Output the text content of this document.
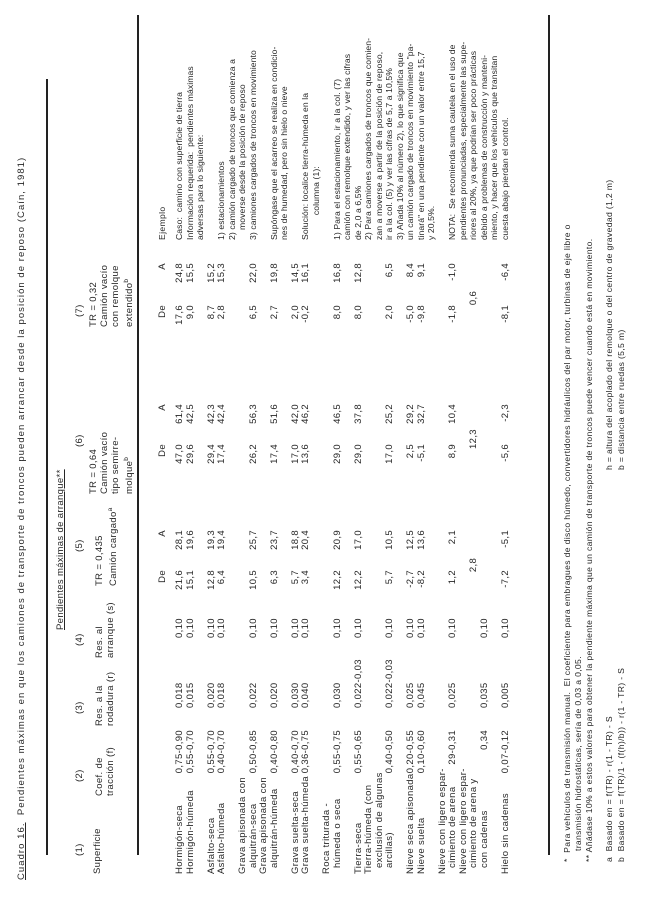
Cuadro 16.  Pendientes máximas en que los camiones de transporte de troncos pueden arrancar desde la posición de reposo (Caín, 1981)	Pendientes máximas de arranque**
(1) Superficie
(2) Coef. de tracción (f)
(3) Res. a la rodadura (r)
(4) Res. al arranque (s)
(5) TR = 0,435 Camión cargado$^a$
(6)
TR = 0,64 Camión vacío tipo semirre- molque$^b$
(7) TR = 0,32 Camión vacío con remolque extendido$^b$
De
A
De
A
De
A
Hormigón-seca
0,75-0,90
0,018
0,10
21,6
28,1
47,0
61,4
17,6
24,8
Hormigón-húmeda
0,55-0,70
0,015
0,10
15,1
19,6
29,6
42,5
9,0
15,5
Asfalto-seca
0,55-0,70
0,020
0,10
12,8
19,3
29,4
42,3
8,7
15,2
Asfalto-húmeda
0,40-0,70
0,018
0,10
6,4
19,4
17,4
42,4
2,8
15,3
Grava apisonada con alquitrán-seca
0,50-0,85
0,022
0,10
10,5
25,7
26,2
56,3
6,5
22,0
Grava apisonada con alquitrán-húmeda
0,40-0,80
0,020
0,10
6,3
23,7
17,4
51,6
2,7
19,8
Grava suelta-seca
0,40-0,70
0,030
0,10
5,7
18,8
17,0
42,0
2,0
14,5
Grava suelta-húmeda
0,36-0,75
0,040
0,10
3,4
20,4
13,6
46,2
-0,2
16,1
Roca triturada - húmeda o seca
0,55-0,75
0,030
0,10
12,2
20,9
29,0
46,5
8,0
16,8
Tierra-seca
0,55-0,65
0,022-0,03
0,10
12,2
17,0
29,0
37,8
8,0
12,8
Tierra-húmeda (con exclusión de algunas arcillas)
0,40-0,50
0,022-0,03
0,10
5,7
10,5
17,0
25,2
2,0
6,5
Nieve seca apisonada
0,20-0,55
0,025
0,10
-2,7
12,5
2,5
29,2
-5,0
8,4
Nieve suelta
0,10-0,60
0,045
0,10
-8,2
13,6
-5,1
32,7
-9,8
9,1
Nieve con ligero espar- cimiento de arena
29-0,31
0,025
0,10
1,2
2,1
8,9
10,4
-1,8
-1,0
Nieve con ligero espar- cimiento de arena y con cadenas
0,34
0,035
0,10
2,8
12,3
0,6
Hielo sin cadenas
0,07-0,12
0,005
0,10
-7,2
-5,1
-5,6
-2,3
-8,1
-6,4
Ejemplo Caso:  camino con superficie de tierra Información requerida:  pendientes máximas adversas para lo siguiente: 1) estacionamientos 2) camión cargado de troncos que comienza a moverse desde la posición de reposo 3) camiones cargados de troncos en movimiento Supóngase que el acarreo se realiza en condicio- nes de humedad, pero sin hielo o nieve Solución: localice tierra-húmeda en la columna (1): 1) Para el estacionamiento, ir a la col. (7) camión con remolque extendido, y ver las cifras de 2,0 a 6,5% 2) Para camiones cargados de troncos que comien- zan a moverse a partir de la posición de reposo, ir a la col. (5) y ver las cifras de 5,7 a 10,5% 3) Añada 10% al número 2), lo que significa que un camión cargado de troncos en movimiento "pa- tinará" en una pendiente con un valor entre 15,7 y 20,5%. NOTA:  Se recomienda suma cautela en el uso de pendientes pronunciadas, especialmente las supe- riores al 20%, ya que podrían ser poco prácticas debido a problemas de construcción y manteni- miento, y hacer que los vehículos que transitan cuesta abajo pierdan el control.
*  Para vehículos de transmisión manual.  El coeficiente para embragues de disco húmedo, convertidores hidráulicos del par motor, turbinas de eje libre o transmisión hidrostáticas, sería de 0,03 a 0,05. ** Añádase 10% a estos valores para obtener la pendiente máxima que un camión de transporte de troncos puede vencer cuando está en movimiento. a  Basado en = f(TR) - r(1 - TR) - S b  Basado en = f(TR)/1 - (f(h)/b)) - r(1 - TR) - S
h = altura del acoplado del remolque o del centro de gravedad (1,2 m) b = distancia entre ruedas (5,5 m)
